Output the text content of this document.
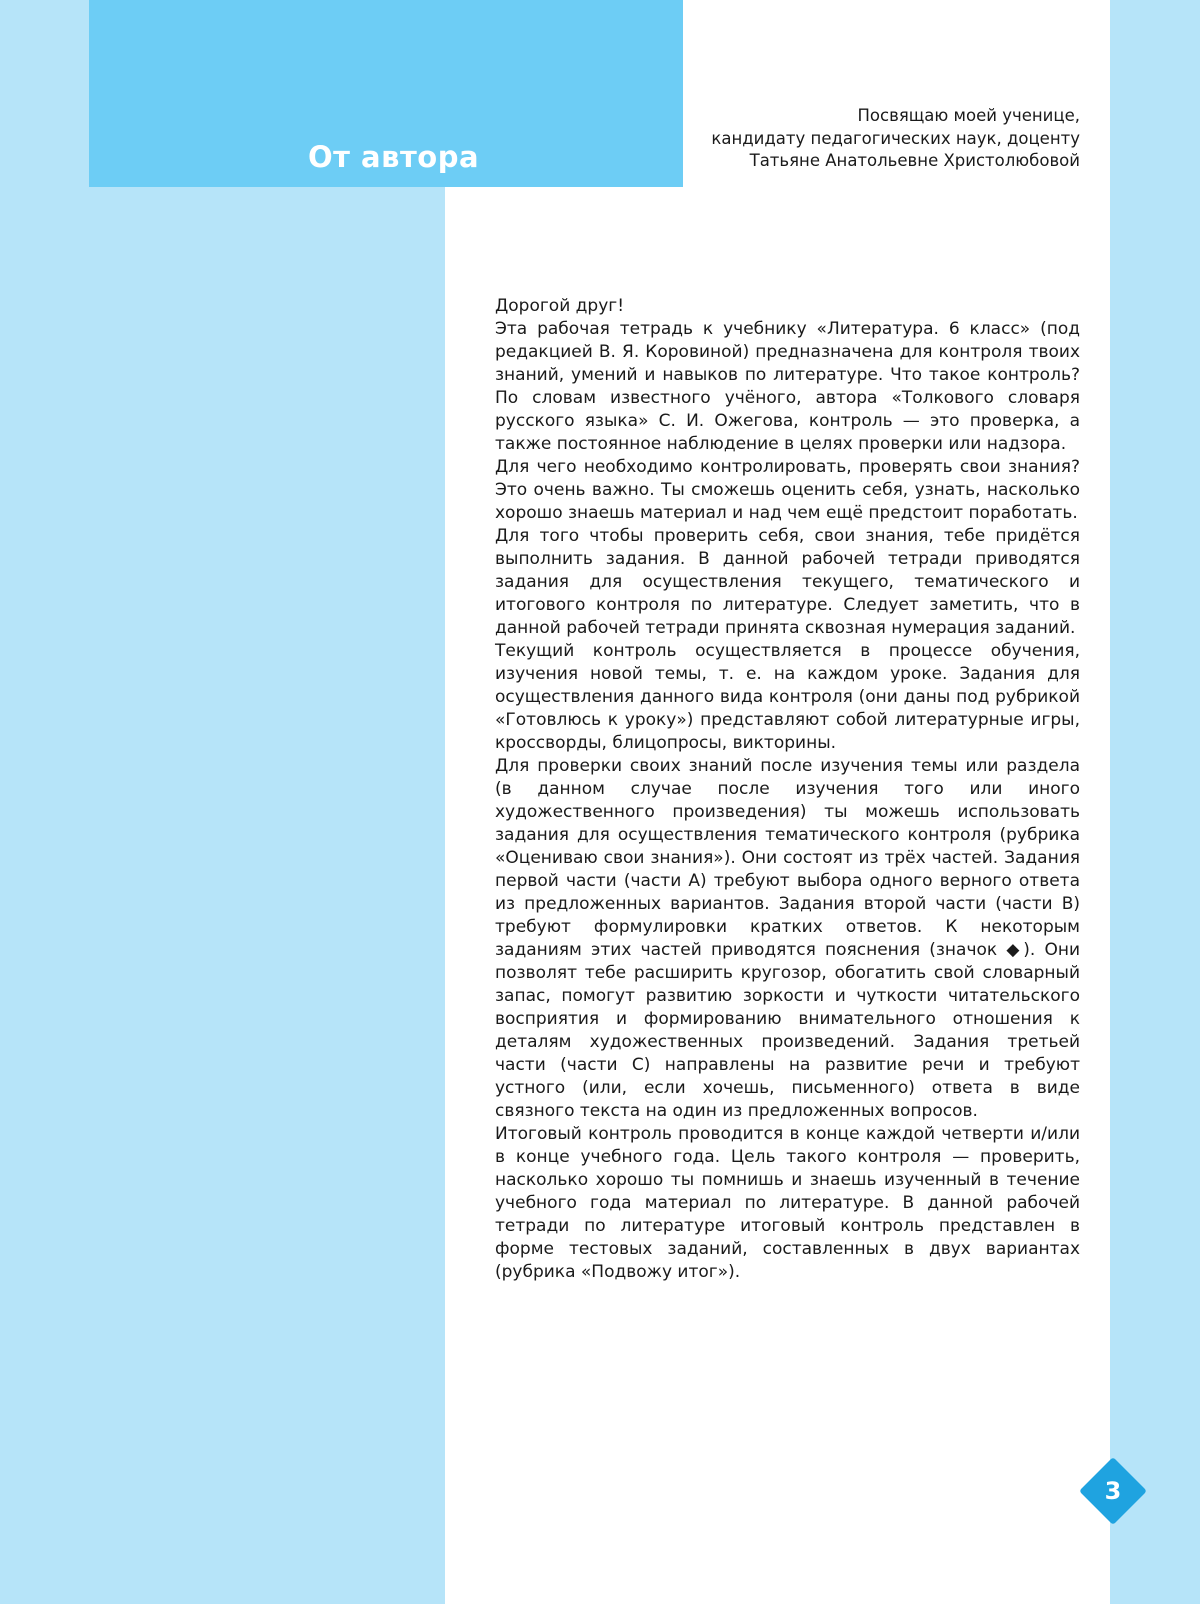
От автора
Посвящаю моей ученице,
кандидату педагогических наук, доценту
Татьяне Анатольевне Христолюбовой

Дорогой друг!

Эта рабочая тетрадь к учебнику «Литература. 6 класс» (под редакцией В. Я. Коровиной) предназначена для контроля твоих знаний, умений и навыков по литературе. Что такое контроль? По словам известного учёного, автора «Толкового словаря русского языка» С. И. Ожегова, контроль — это проверка, а также постоянное наблюдение в целях проверки или надзора.

Для чего необходимо контролировать, проверять свои знания? Это очень важно. Ты сможешь оценить себя, узнать, насколько хорошо знаешь материал и над чем ещё предстоит поработать.

Для того чтобы проверить себя, свои знания, тебе придётся выполнить задания. В данной рабочей тетради приводятся задания для осуществления текущего, тематического и итогового контроля по литературе. Следует заметить, что в данной рабочей тетради принята сквозная нумерация заданий.

Текущий контроль осуществляется в процессе обучения, изучения новой темы, т. е. на каждом уроке. Задания для осуществления данного вида контроля (они даны под рубрикой «Готовлюсь к уроку») представляют собой литературные игры, кроссворды, блицопросы, викторины.

Для проверки своих знаний после изучения темы или раздела (в данном случае после изучения того или иного художественного произведения) ты можешь использовать задания для осуществления тематического контроля (рубрика «Оцениваю свои знания»). Они состоят из трёх частей. Задания первой части (части А) требуют выбора одного верного ответа из предложенных вариантов. Задания второй части (части В) требуют формулировки кратких ответов. К некоторым заданиям этих частей приводятся пояснения (значок ◆). Они позволят тебе расширить кругозор, обогатить свой словарный запас, помогут развитию зоркости и чуткости читательского восприятия и формированию внимательного отношения к деталям художественных произведений. Задания третьей части (части С) направлены на развитие речи и требуют устного (или, если хочешь, письменного) ответа в виде связного текста на один из предложенных вопросов.

Итоговый контроль проводится в конце каждой четверти и/или в конце учебного года. Цель такого контроля — проверить, насколько хорошо ты помнишь и знаешь изученный в течение учебного года материал по литературе. В данной рабочей тетради по литературе итоговый контроль представлен в форме тестовых заданий, составленных в двух вариантах (рубрика «Подвожу итог»).

3
